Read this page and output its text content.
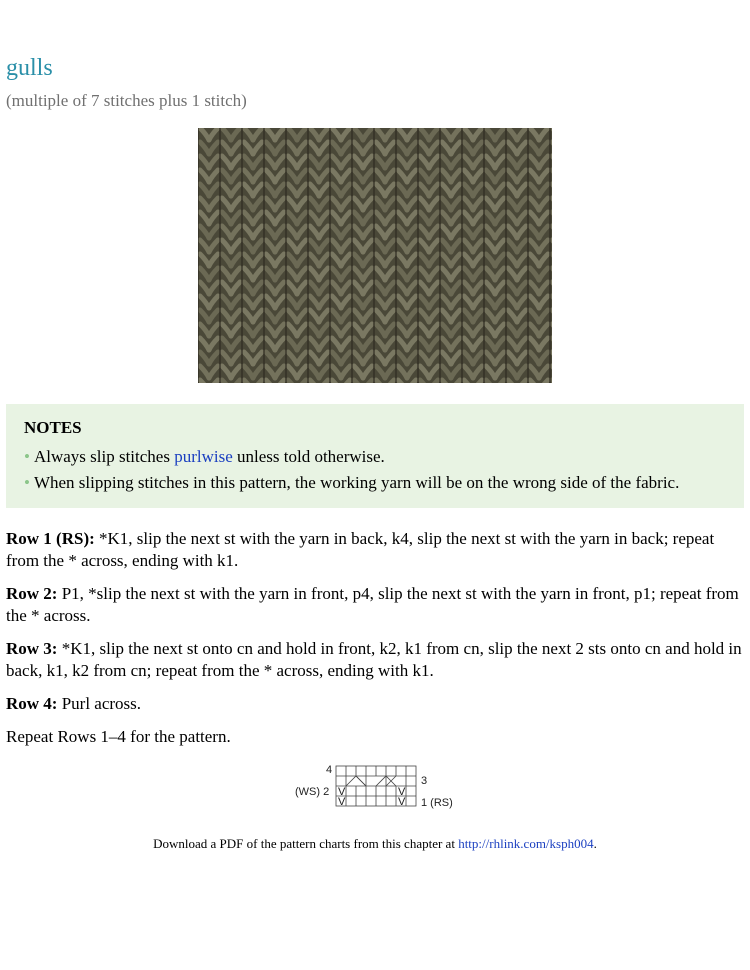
gulls

(multiple of 7 stitches plus 1 stitch)

NOTES

• Always slip stitches purlwise unless told otherwise.
• When slipping stitches in this pattern, the working yarn will be on the wrong side of the fabric.

Row 1 (RS): *K1, slip the next st with the yarn in back, k4, slip the next st with the yarn in back; repeat from the * across, ending with k1.

Row 2: P1, *slip the next st with the yarn in front, p4, slip the next st with the yarn in front, p1; repeat from the * across.

Row 3: *K1, slip the next st onto cn and hold in front, k2, k1 from cn, slip the next 2 sts onto cn and hold in back, k1, k2 from cn; repeat from the * across, ending with k1.

Row 4: Purl across.

Repeat Rows 1–4 for the pattern.

4
(WS) 2
3
1 (RS)
V
V
V
V

Download a PDF of the pattern charts from this chapter at http://rhlink.com/ksph004.
